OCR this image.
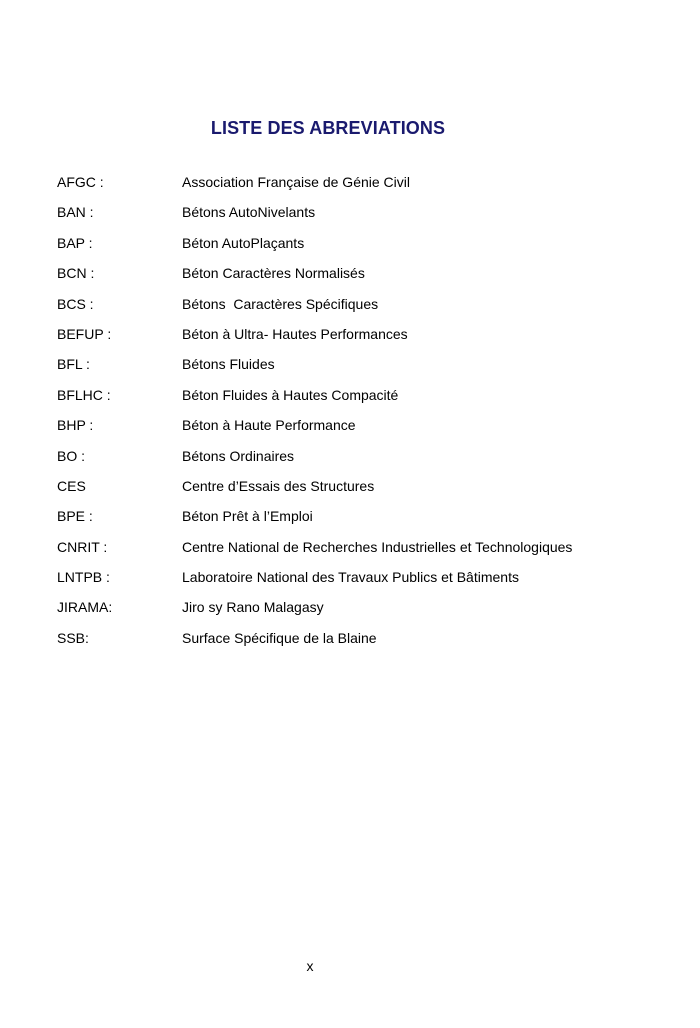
LISTE DES ABREVIATIONS
AFGC :	Association Française de Génie Civil
BAN :	Bétons AutoNivelants
BAP :	Béton AutoPlaçants
BCN :	Béton Caractères Normalisés
BCS :	Bétons  Caractères Spécifiques
BEFUP :	Béton à Ultra- Hautes Performances
BFL :	Bétons Fluides
BFLHC :	Béton Fluides à Hautes Compacité
BHP :	Béton à Haute Performance
BO :	Bétons Ordinaires
CES	Centre d’Essais des Structures
BPE :	Béton Prêt à l’Emploi
CNRIT :	Centre National de Recherches Industrielles et Technologiques
LNTPB :	Laboratoire National des Travaux Publics et Bâtiments
JIRAMA:	Jiro sy Rano Malagasy
SSB:	Surface Spécifique de la Blaine
x
